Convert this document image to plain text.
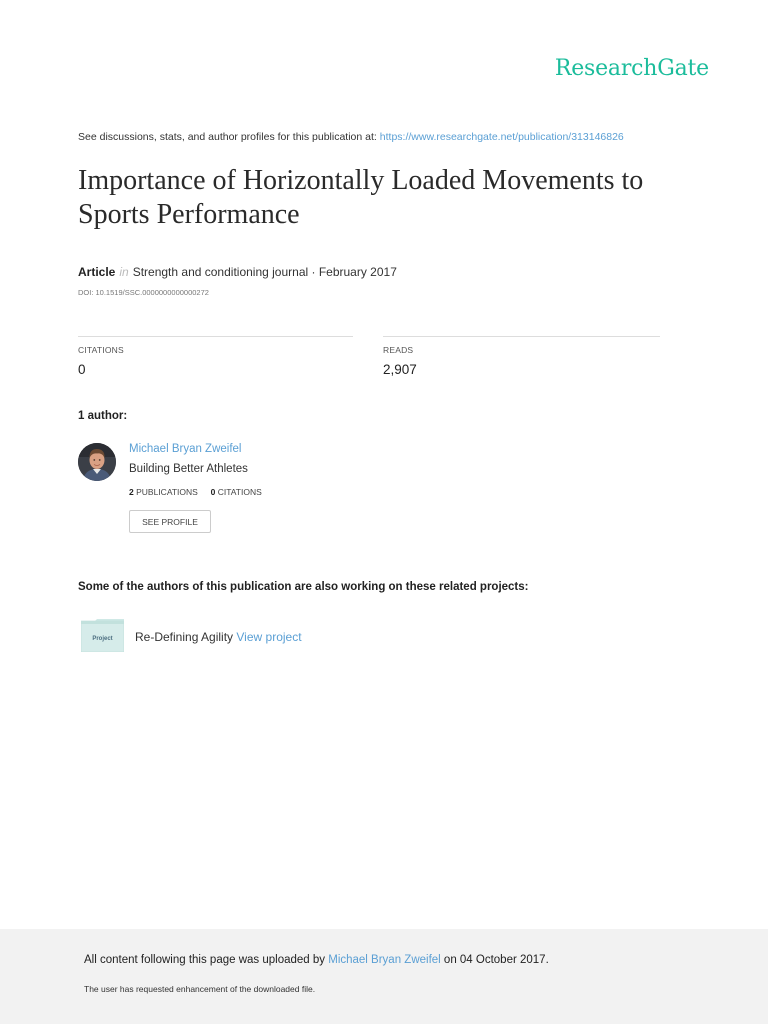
ResearchGate
See discussions, stats, and author profiles for this publication at: https://www.researchgate.net/publication/313146826
Importance of Horizontally Loaded Movements to Sports Performance
Article in Strength and conditioning journal · February 2017
DOI: 10.1519/SSC.0000000000000272
CITATIONS
0
READS
2,907
1 author:
Michael Bryan Zweifel
Building Better Athletes
2 PUBLICATIONS 0 CITATIONS
SEE PROFILE
Some of the authors of this publication are also working on these related projects:
Project Re-Defining Agility View project
All content following this page was uploaded by Michael Bryan Zweifel on 04 October 2017.
The user has requested enhancement of the downloaded file.
